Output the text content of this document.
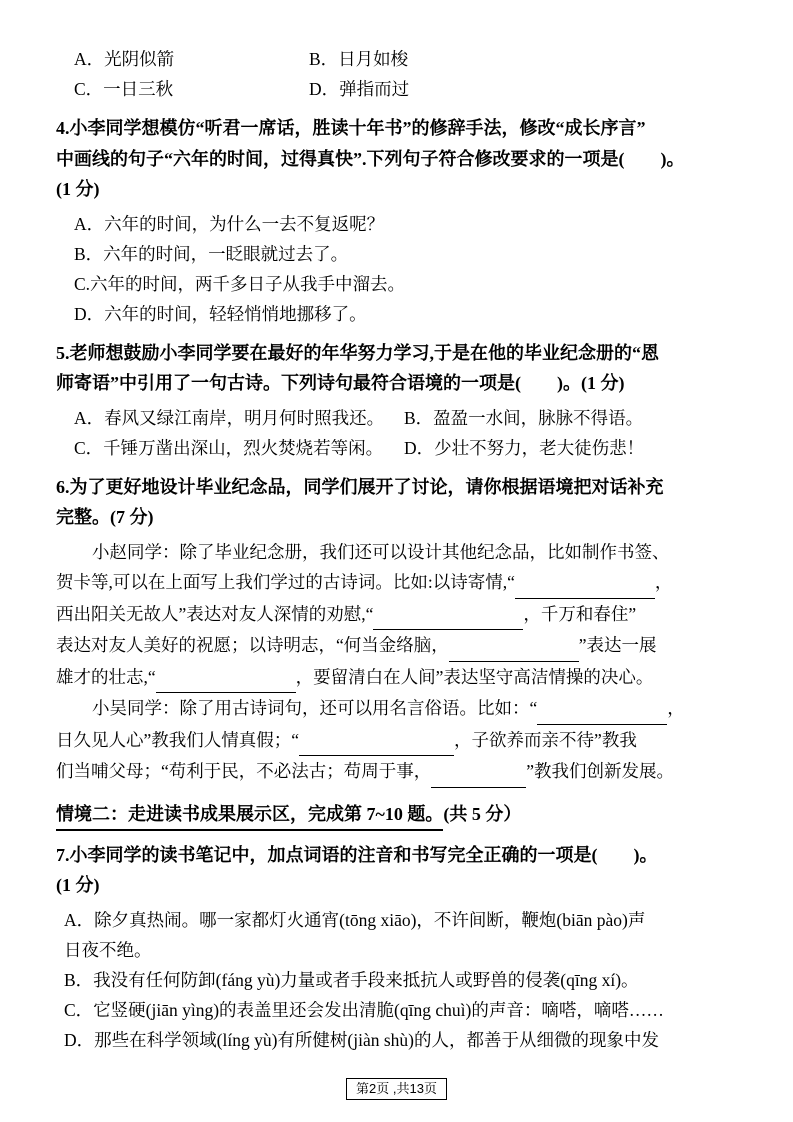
A．光阴似箭	B．日月如梭
C．一日三秋	D．弹指而过
4.小李同学想模仿“听君一席话，胜读十年书”的修辞手法，修改“成长序言”
中画线的句子“六年的时间，过得真快”.下列句子符合修改要求的一项是(　　)。
(1 分)
A．六年的时间，为什么一去不复返呢？
B．六年的时间，一眨眼就过去了。
C.六年的时间，两千多日子从我手中溜去。
D．六年的时间，轻轻悄悄地挪移了。
5.老师想鼓励小李同学要在最好的年华努力学习,于是在他的毕业纪念册的“恩
师寄语”中引用了一句古诗。下列诗句最符合语境的一项是(　　)。(1 分)
A．春风又绿江南岸，明月何时照我还。	B．盈盈一水间，脉脉不得语。
C．千锤万凿出深山，烈火焚烧若等闲。	D．少壮不努力，老大徒伤悲！
6.为了更好地设计毕业纪念品，同学们展开了讨论，请你根据语境把对话补充
完整。(7 分)
小赵同学：除了毕业纪念册，我们还可以设计其他纪念品，比如制作书签、
贺卡等,可以在上面写上我们学过的古诗词。比如:以诗寄情,“	，
西出阳关无故人”表达对友人深情的劝慰,“	，千万和春住”
表达对友人美好的祝愿；以诗明志，“何当金络脑，	”表达一展
雄才的壮志,“	，要留清白在人间”表达坚守高洁情操的决心。
小吴同学：除了用古诗词句，还可以用名言俗语。比如：“	，
日久见人心”教我们人情真假；“	，子欲养而亲不待”教我
们当哺父母；“苟利于民，不必法古；苟周于事，	”教我们创新发展。
情境二：走进读书成果展示区，完成第 7~10 题。(共 5 分）
7.小李同学的读书笔记中，加点词语的注音和书写完全正确的一项是(　　)。
(1 分)
A．除夕真热闹。哪一家都灯火通宵(tōng xiāo)，不许间断，鞭炮(biān pào)声
日夜不绝。
B．我没有任何防卸(fáng yù)力量或者手段来抵抗人或野兽的侵袭(qīng xí)。
C．它竖硬(jiān yìng)的表盖里还会发出清脆(qīng chuì)的声音：嘀嗒，嘀嗒……
D．那些在科学领域(líng yù)有所健树(jiàn shù)的人，都善于从细微的现象中发
第2页 ,共13页
